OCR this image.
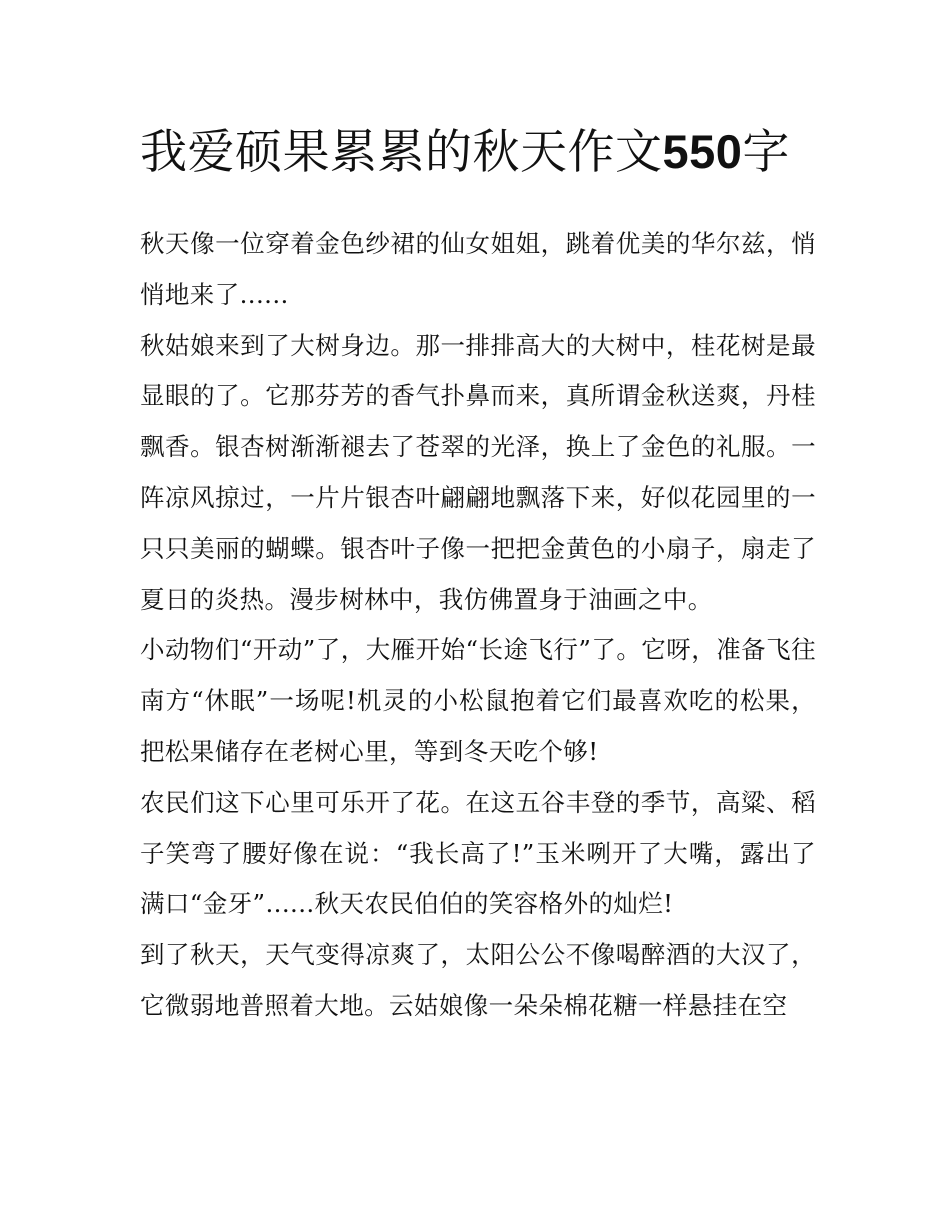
我爱硕果累累的秋天作文550字

秋天像一位穿着金色纱裙的仙女姐姐，跳着优美的华尔兹，悄悄地来了......

秋姑娘来到了大树身边。那一排排高大的大树中，桂花树是最显眼的了。它那芬芳的香气扑鼻而来，真所谓金秋送爽，丹桂飘香。银杏树渐渐褪去了苍翠的光泽，换上了金色的礼服。一阵凉风掠过，一片片银杏叶翩翩地飘落下来，好似花园里的一只只美丽的蝴蝶。银杏叶子像一把把金黄色的小扇子，扇走了夏日的炎热。漫步树林中，我仿佛置身于油画之中。

小动物们“开动”了，大雁开始“长途飞行”了。它呀，准备飞往南方“休眠”一场呢!机灵的小松鼠抱着它们最喜欢吃的松果，把松果储存在老树心里，等到冬天吃个够!

农民们这下心里可乐开了花。在这五谷丰登的季节，高粱、稻子笑弯了腰好像在说：“我长高了!”玉米咧开了大嘴，露出了满口“金牙”......秋天农民伯伯的笑容格外的灿烂!

到了秋天，天气变得凉爽了，太阳公公不像喝醉酒的大汉了，它微弱地普照着大地。云姑娘像一朵朵棉花糖一样悬挂在空
